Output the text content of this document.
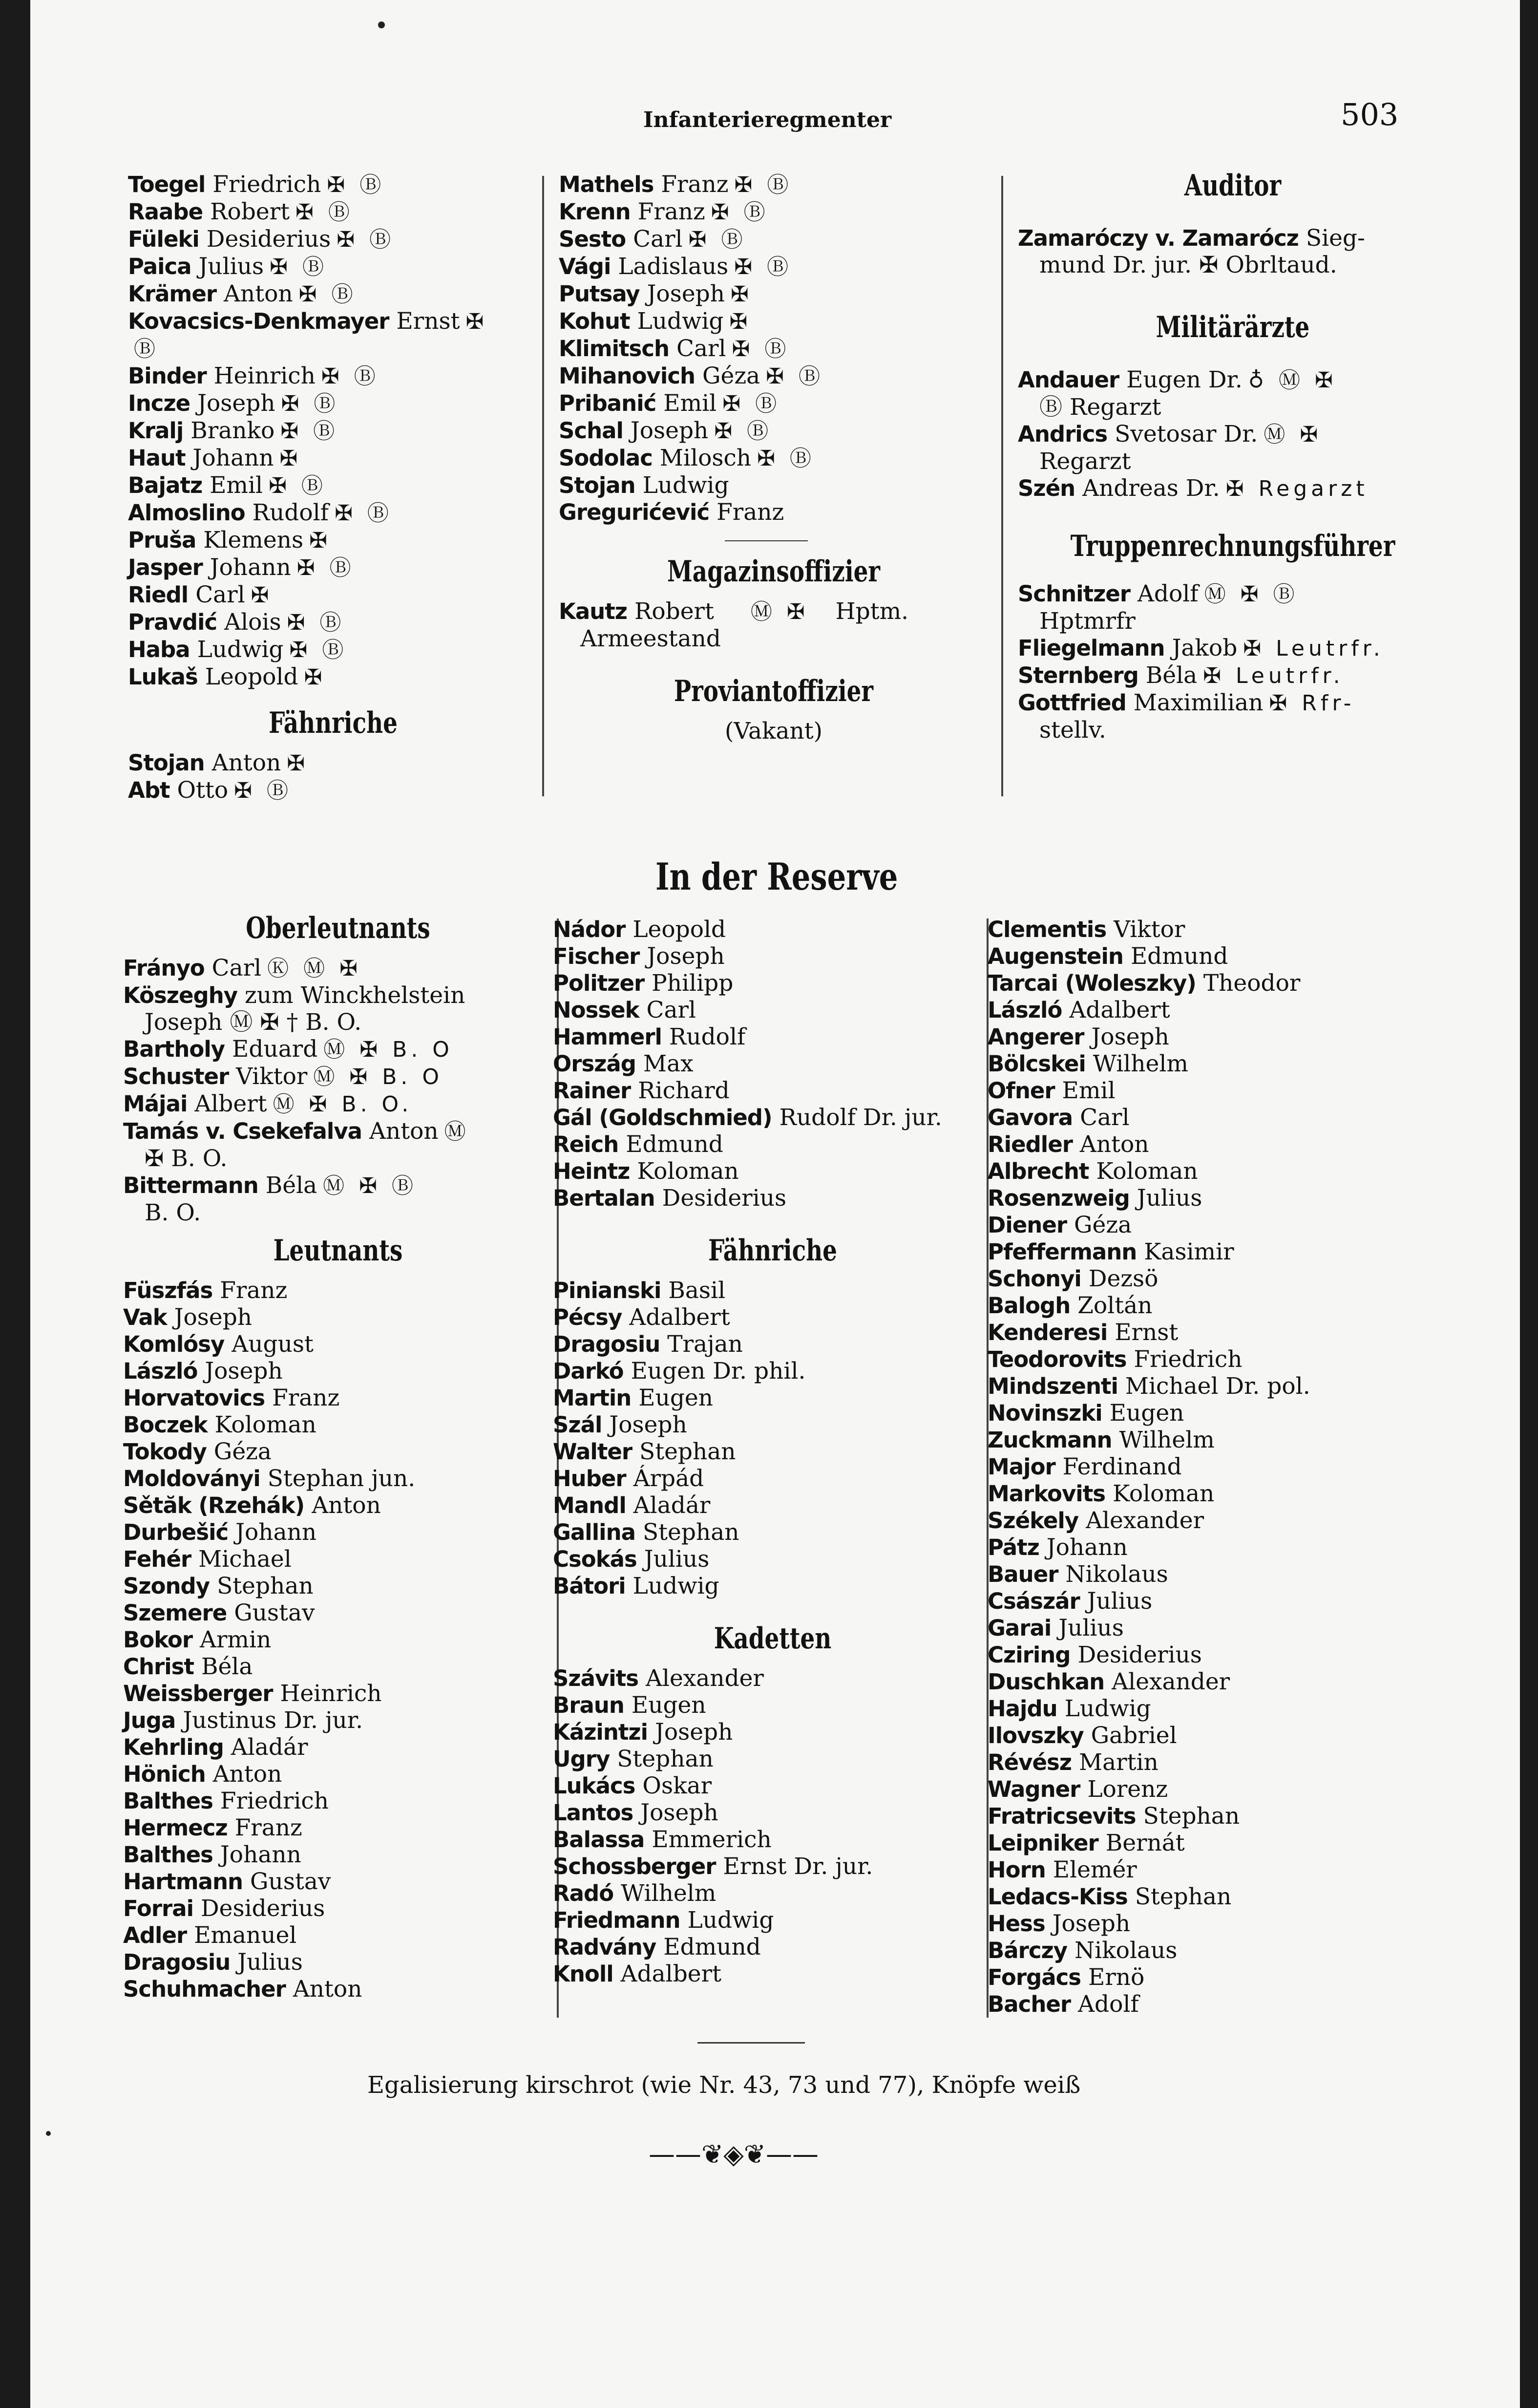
Infanterieregmenter	503
Toegel Friedrich ✠ Ⓑ
Raabe Robert ✠ Ⓑ
Füleki Desiderius ✠ Ⓑ
Paica Julius ✠ Ⓑ
Krämer Anton ✠ Ⓑ
Kovacsics-Denkmayer Ernst ✠
Ⓑ
Binder Heinrich ✠ Ⓑ
Incze Joseph ✠ Ⓑ
Kralj Branko ✠ Ⓑ
Haut Johann ✠
Bajatz Emil ✠ Ⓑ
Almoslino Rudolf ✠ Ⓑ
Pruša Klemens ✠
Jasper Johann ✠ Ⓑ
Riedl Carl ✠
Pravdić Alois ✠ Ⓑ
Haba Ludwig ✠ Ⓑ
Lukaš Leopold ✠
Fähnriche
Stojan Anton ✠
Abt Otto ✠ Ⓑ
Mathels Franz ✠ Ⓑ
Krenn Franz ✠ Ⓑ
Sesto Carl ✠ Ⓑ
Vági Ladislaus ✠ Ⓑ
Putsay Joseph ✠
Kohut Ludwig ✠
Klimitsch Carl ✠ Ⓑ
Mihanovich Géza ✠ Ⓑ
Pribanić Emil ✠ Ⓑ
Schal Joseph ✠ Ⓑ
Sodolac Milosch ✠ Ⓑ
Stojan Ludwig
Gregurićević Franz
Magazinsoffizier
Kautz Robert Ⓜ ✠ Hptm.
Armeestand
Proviantoffizier
(Vakant)
Auditor
Zamaróczy v. Zamarócz Sieg-
mund Dr. jur. ✠ Obrltaud.
Militärärzte
Andauer Eugen Dr. ♁ Ⓜ ✠
Ⓑ Regarzt
Andrics Svetosar Dr. Ⓜ ✠
Regarzt
Szén Andreas Dr. ✠ Regarzt
Truppenrechnungsführer
Schnitzer Adolf Ⓜ ✠ Ⓑ
Hptmrfr
Fliegelmann Jakob ✠ Leutrfr.
Sternberg Béla ✠ Leutrfr.
Gottfried Maximilian ✠ Rfr-
stellv.
In der Reserve
Oberleutnants
Fránуo Carl Ⓚ Ⓜ ✠
Köszeghy zum Winckhelstein
Joseph Ⓜ ✠ † B. O.
Bartholy Eduard Ⓜ ✠ B. O
Schuster Viktor Ⓜ ✠ B. O
Májai Albert Ⓜ ✠ B. O.
Tamás v. Csekefalva Anton Ⓜ
✠ B. O.
Bittermann Béla Ⓜ ✠ Ⓑ
B. O.
Leutnants
Füszfás Franz
Vak Joseph
Komlósy August
László Joseph
Horvatovics Franz
Boczek Koloman
Tokody Géza
Moldoványi Stephan jun.
Sětăk (Rzehák) Anton
Durbešić Johann
Fehér Michael
Szondy Stephan
Szemere Gustav
Bokor Armin
Christ Béla
Weissberger Heinrich
Juga Justinus Dr. jur.
Kehrling Aladár
Hönich Anton
Balthes Friedrich
Hermecz Franz
Balthes Johann
Hartmann Gustav
Forrai Desiderius
Adler Emanuel
Dragosiu Julius
Schuhmacher Anton
Nádor Leopold
Fischer Joseph
Politzer Philipp
Nossek Carl
Hammerl Rudolf
Ország Max
Rainer Richard
Gál (Goldschmied) Rudolf Dr. jur.
Reich Edmund
Heintz Koloman
Bertalan Desiderius
Fähnriche
Pinianski Basil
Pécsy Adalbert
Dragosiu Trajan
Darkó Eugen Dr. phil.
Martin Eugen
Szál Joseph
Walter Stephan
Huber Árpád
Mandl Aladár
Gallina Stephan
Csokás Julius
Bátori Ludwig
Kadetten
Szávits Alexander
Braun Eugen
Kázintzi Joseph
Ugry Stephan
Lukács Oskar
Lantos Joseph
Balassa Emmerich
Schossberger Ernst Dr. jur.
Radó Wilhelm
Friedmann Ludwig
Radvány Edmund
Knoll Adalbert
Clementis Viktor
Augenstein Edmund
Tarcai (Woleszky) Theodor
László Adalbert
Angerer Joseph
Bölcskei Wilhelm
Ofner Emil
Gavora Carl
Riedler Anton
Albrecht Koloman
Rosenzweig Julius
Diener Géza
Pfeffermann Kasimir
Schonyi Dezsö
Balogh Zoltán
Kenderesi Ernst
Teodorovits Friedrich
Mindszenti Michael Dr. pol.
Novinszki Eugen
Zuckmann Wilhelm
Major Ferdinand
Markovits Koloman
Székely Alexander
Pátz Johann
Bauer Nikolaus
Császár Julius
Garai Julius
Cziring Desiderius
Duschkan Alexander
Hajdu Ludwig
Ilovszky Gabriel
Révész Martin
Wagner Lorenz
Fratricsevits Stephan
Leipniker Bernát
Horn Elemér
Ledacs-Kiss Stephan
Hess Joseph
Bárczy Nikolaus
Forgács Ernö
Bacher Adolf
Egalisierung kirschrot (wie Nr. 43, 73 und 77), Knöpfe weiß
——❦◈❦——
